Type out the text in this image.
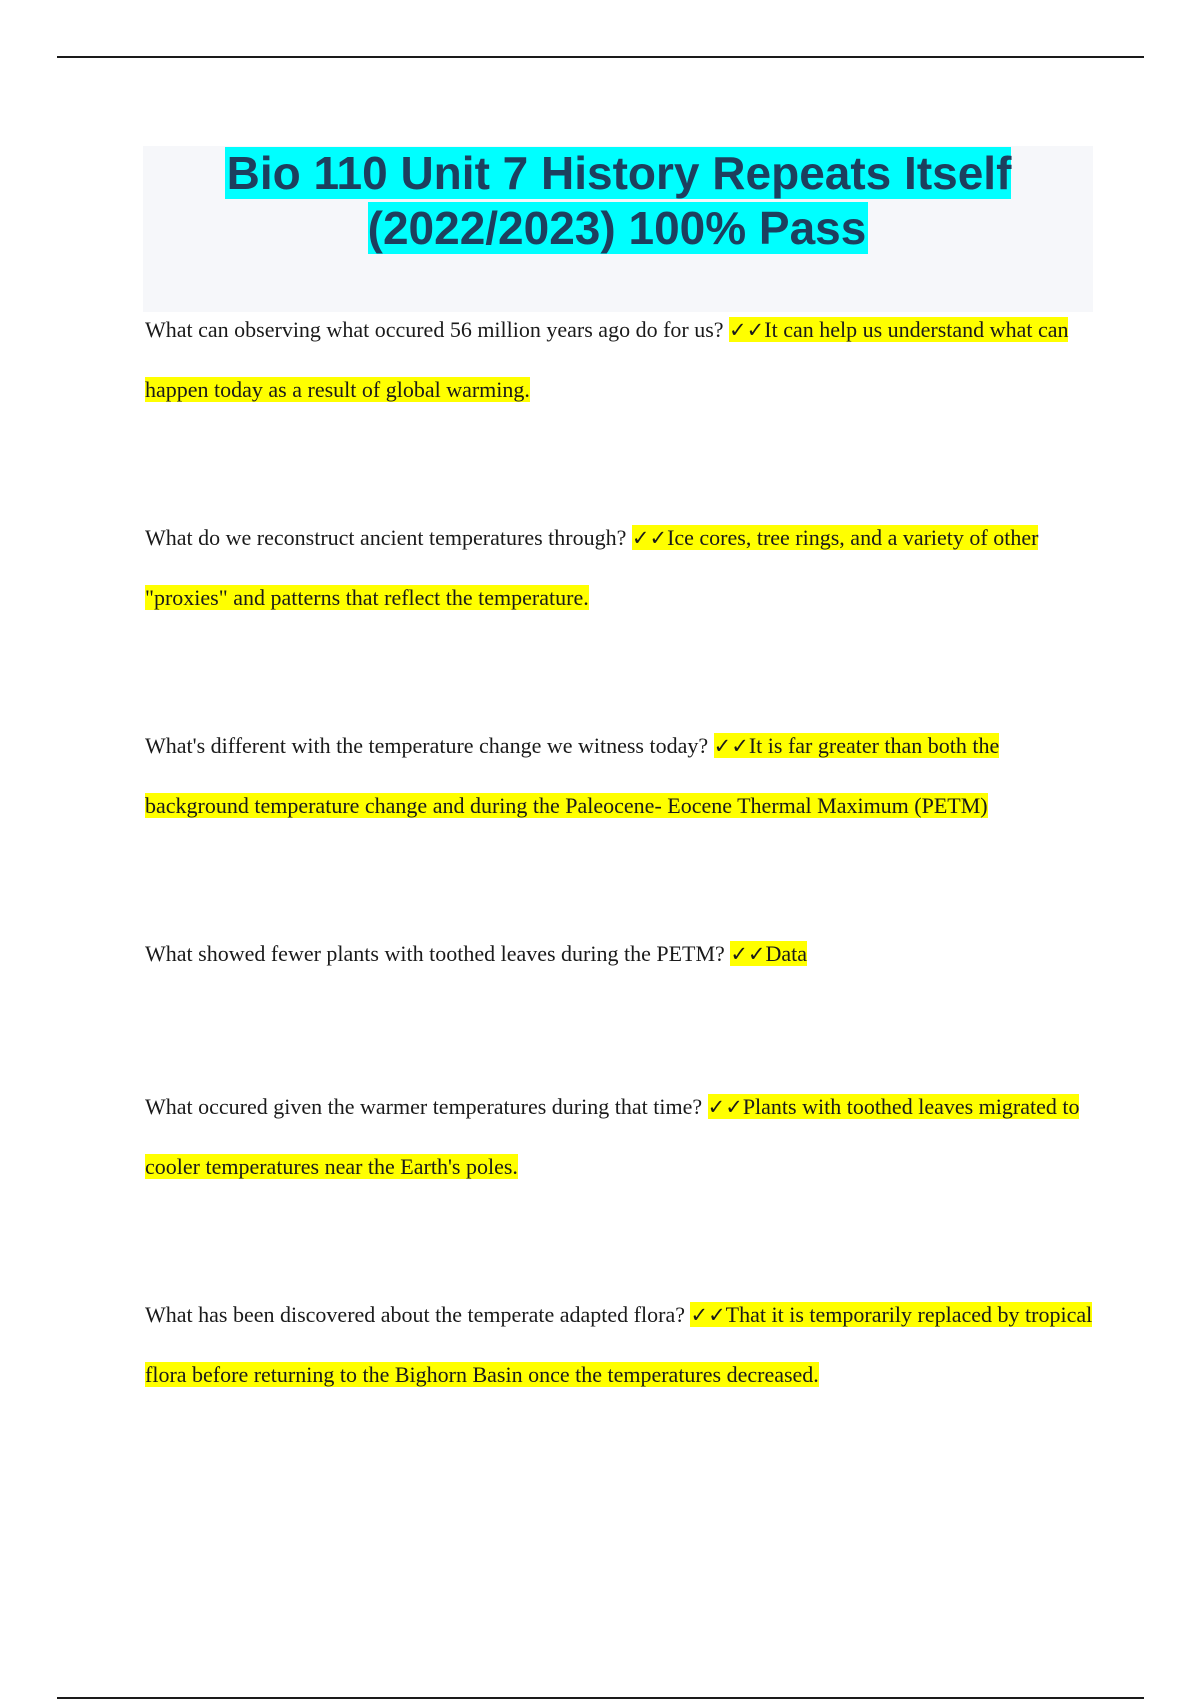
Bio 110 Unit 7 History Repeats Itself (2022/2023) 100% Pass

What can observing what occured 56 million years ago do for us? ✓✓It can help us understand what can happen today as a result of global warming.

What do we reconstruct ancient temperatures through? ✓✓Ice cores, tree rings, and a variety of other "proxies" and patterns that reflect the temperature.

What's different with the temperature change we witness today? ✓✓It is far greater than both the background temperature change and during the Paleocene- Eocene Thermal Maximum (PETM)

What showed fewer plants with toothed leaves during the PETM? ✓✓Data

What occured given the warmer temperatures during that time? ✓✓Plants with toothed leaves migrated to cooler temperatures near the Earth's poles.

What has been discovered about the temperate adapted flora? ✓✓That it is temporarily replaced by tropical flora before returning to the Bighorn Basin once the temperatures decreased.
